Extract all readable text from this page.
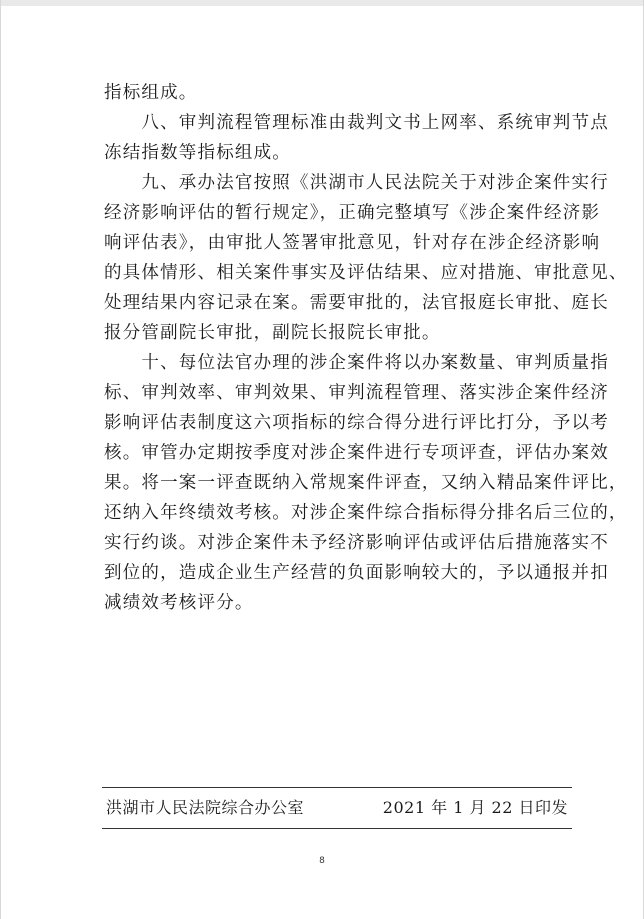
指标组成。
　　八、审判流程管理标准由裁判文书上网率、系统审判节点
冻结指数等指标组成。
　　九、承办法官按照《洪湖市人民法院关于对涉企案件实行
经济影响评估的暂行规定》，正确完整填写《涉企案件经济影
响评估表》，由审批人签署审批意见，针对存在涉企经济影响
的具体情形、相关案件事实及评估结果、应对措施、审批意见、
处理结果内容记录在案。需要审批的，法官报庭长审批、庭长
报分管副院长审批，副院长报院长审批。
　　十、每位法官办理的涉企案件将以办案数量、审判质量指
标、审判效率、审判效果、审判流程管理、落实涉企案件经济
影响评估表制度这六项指标的综合得分进行评比打分，予以考
核。审管办定期按季度对涉企案件进行专项评查，评估办案效
果。将一案一评查既纳入常规案件评查，又纳入精品案件评比，
还纳入年终绩效考核。对涉企案件综合指标得分排名后三位的，
实行约谈。对涉企案件未予经济影响评估或评估后措施落实不
到位的，造成企业生产经营的负面影响较大的，予以通报并扣
减绩效考核评分。
洪湖市人民法院综合办公室	2021 年 1 月 22 日印发
8
